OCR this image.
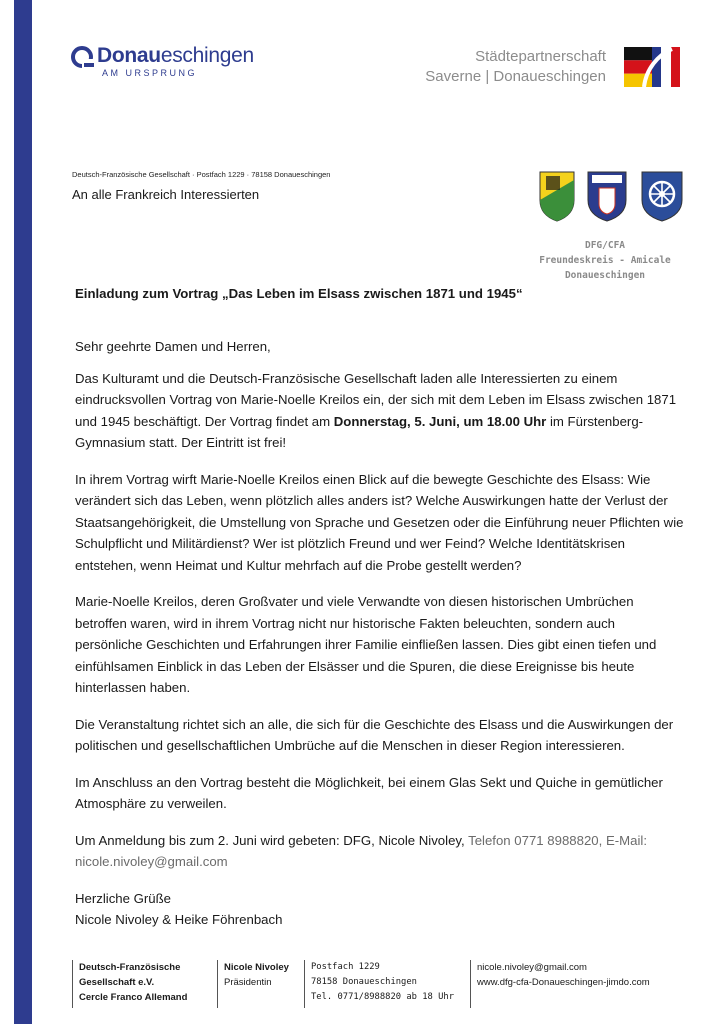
Donaueschingen
AM URSPRUNG
Städtepartnerschaft
Saverne | Donaueschingen
Deutsch-Französische Gesellschaft · Postfach 1229 · 78158 Donaueschingen
An alle Frankreich Interessierten
DFG/CFA
Freundeskreis - Amicale
Donaueschingen
Einladung zum Vortrag „Das Leben im Elsass zwischen 1871 und 1945“

Sehr geehrte Damen und Herren,

Das Kulturamt und die Deutsch-Französische Gesellschaft laden alle Interessierten zu einem eindrucksvollen Vortrag von Marie-Noelle Kreilos ein, der sich mit dem Leben im Elsass zwischen 1871 und 1945 beschäftigt. Der Vortrag findet am Donnerstag, 5. Juni, um 18.00 Uhr im Fürstenberg-Gymnasium statt. Der Eintritt ist frei!

In ihrem Vortrag wirft Marie-Noelle Kreilos einen Blick auf die bewegte Geschichte des Elsass: Wie verändert sich das Leben, wenn plötzlich alles anders ist? Welche Auswirkungen hatte der Verlust der Staatsangehörigkeit, die Umstellung von Sprache und Gesetzen oder die Einführung neuer Pflichten wie Schulpflicht und Militärdienst? Wer ist plötzlich Freund und wer Feind? Welche Identitätskrisen entstehen, wenn Heimat und Kultur mehrfach auf die Probe gestellt werden?

Marie-Noelle Kreilos, deren Großvater und viele Verwandte von diesen historischen Umbrüchen betroffen waren, wird in ihrem Vortrag nicht nur historische Fakten beleuchten, sondern auch persönliche Geschichten und Erfahrungen ihrer Familie einfließen lassen. Dies gibt einen tiefen und einfühlsamen Einblick in das Leben der Elsässer und die Spuren, die diese Ereignisse bis heute hinterlassen haben.

Die Veranstaltung richtet sich an alle, die sich für die Geschichte des Elsass und die Auswirkungen der politischen und gesellschaftlichen Umbrüche auf die Menschen in dieser Region interessieren.

Im Anschluss an den Vortrag besteht die Möglichkeit, bei einem Glas Sekt und Quiche in gemütlicher Atmosphäre zu verweilen.

Um Anmeldung bis zum 2. Juni wird gebeten: DFG, Nicole Nivoley, Telefon 0771 8988820, E-Mail:
nicole.nivoley@gmail.com

Herzliche Grüße
Nicole Nivoley & Heike Föhrenbach
Deutsch-Französische
Gesellschaft e.V.
Cercle Franco Allemand
Nicole Nivoley
Präsidentin
Postfach 1229
78158 Donaueschingen
Tel. 0771/8988820 ab 18 Uhr
nicole.nivoley@gmail.com
www.dfg-cfa-Donaueschingen-jimdo.com
